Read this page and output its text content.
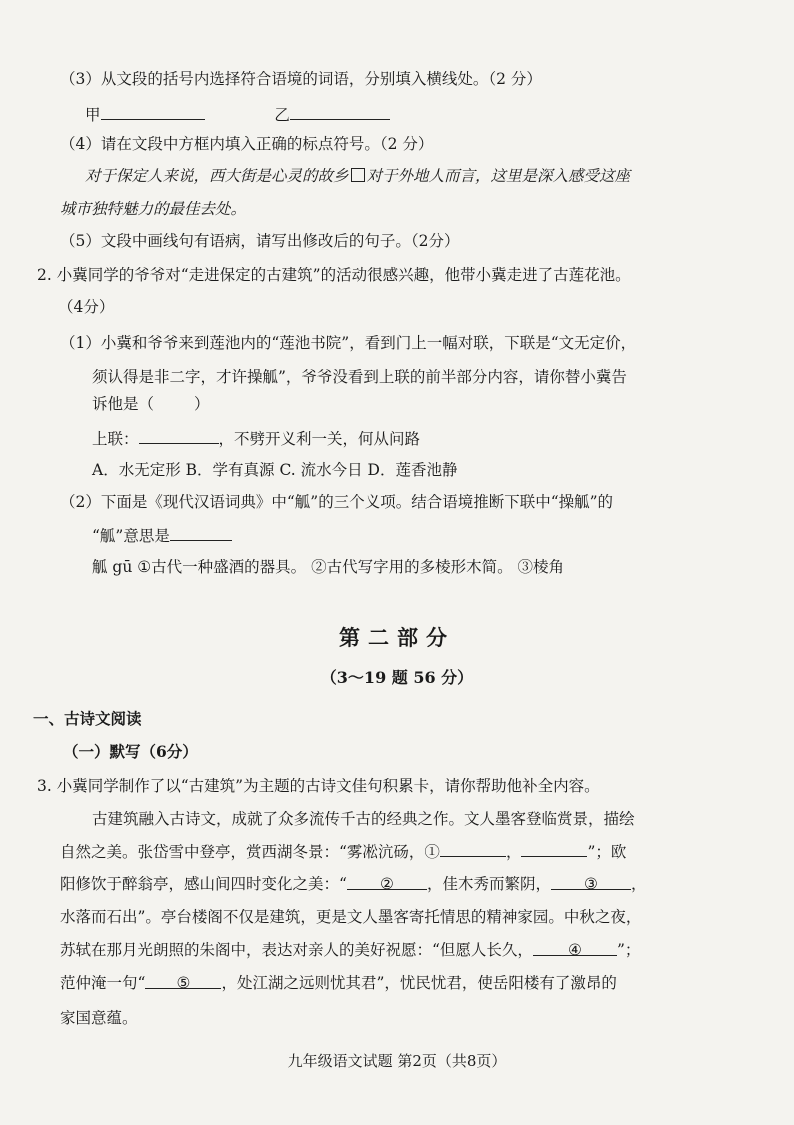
（3）从文段的括号内选择符合语境的词语，分别填入横线处。（2 分）
甲	乙
（4）请在文段中方框内填入正确的标点符号。（2 分）
对于保定人来说，西大街是心灵的故乡 对于外地人而言，这里是深入感受这座
城市独特魅力的最佳去处。
（5）文段中画线句有语病，请写出修改后的句子。（2分）
2. 小冀同学的爷爷对“走进保定的古建筑”的活动很感兴趣，他带小冀走进了古莲花池。
（4分）
（1）小冀和爷爷来到莲池内的“莲池书院”，看到门上一幅对联，下联是“文无定价，
须认得是非二字，才许操觚”，爷爷没看到上联的前半部分内容，请你替小冀告
诉他是（	）
上联：	，不劈开义利一关，何从问路
A．水无定形 B．学有真源 C. 流水今日 D．莲香池静
（2）下面是《现代汉语词典》中“觚”的三个义项。结合语境推断下联中“操觚”的
“觚”意思是
觚 gū ①古代一种盛酒的器具。 ②古代写字用的多棱形木简。 ③棱角
第二部分
（3～19 题 56 分）
一、古诗文阅读
（一）默写（6分）
3. 小冀同学制作了以“古建筑”为主题的古诗文佳句积累卡，请你帮助他补全内容。
古建筑融入古诗文，成就了众多流传千古的经典之作。文人墨客登临赏景，描绘
自然之美。张岱雪中登亭，赏西湖冬景：“雾凇沆砀，①	，	”；欧
阳修饮于醉翁亭，感山间四时变化之美：“ ② ，佳木秀而繁阴， ③ ，
水落而石出”。亭台楼阁不仅是建筑，更是文人墨客寄托情思的精神家园。中秋之夜，
苏轼在那月光朗照的朱阁中，表达对亲人的美好祝愿：“但愿人长久， ④ ”；
范仲淹一句“ ⑤ ，处江湖之远则忧其君”，忧民忧君，使岳阳楼有了激昂的
家国意蕴。
九年级语文试题 第2页（共8页）
